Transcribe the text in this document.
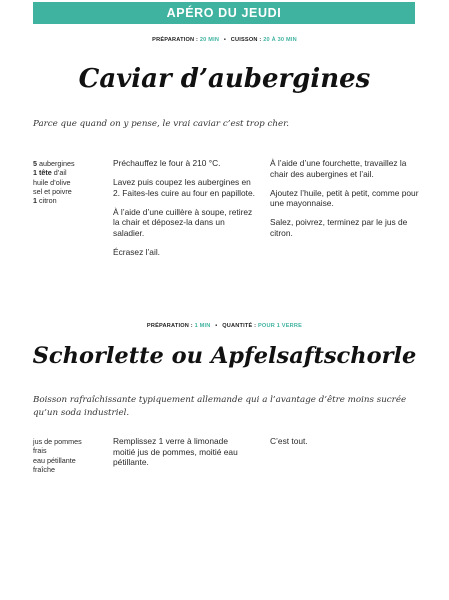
APÉRO DU JEUDI
PRÉPARATION : 20 MIN • CUISSON : 20 À 30 MIN
Caviar d’aubergines
Parce que quand on y pense, le vrai caviar c’est trop cher.
5 aubergines
1 tête d’ail
huile d’olive
sel et poivre
1 citron

Préchauffez le four à 210 °C.

Lavez puis coupez les aubergines en 2. Faites-les cuire au four en papillote.

À l’aide d’une cuillère à soupe, retirez la chair et déposez-la dans un saladier.

Écrasez l’ail.

À l’aide d’une fourchette, travaillez la chair des aubergines et l’ail.

Ajoutez l’huile, petit à petit, comme pour une mayonnaise.

Salez, poivrez, terminez par le jus de citron.

PRÉPARATION : 1 MIN • QUANTITÉ : POUR 1 VERRE
Schorlette ou Apfelsaftschorle
Boisson rafraîchissante typiquement allemande qui a l’avantage d’être moins sucrée qu’un soda industriel.
jus de pommes frais
eau pétillante fraîche

Remplissez 1 verre à limonade moitié jus de pommes, moitié eau pétillante.

C’est tout.
